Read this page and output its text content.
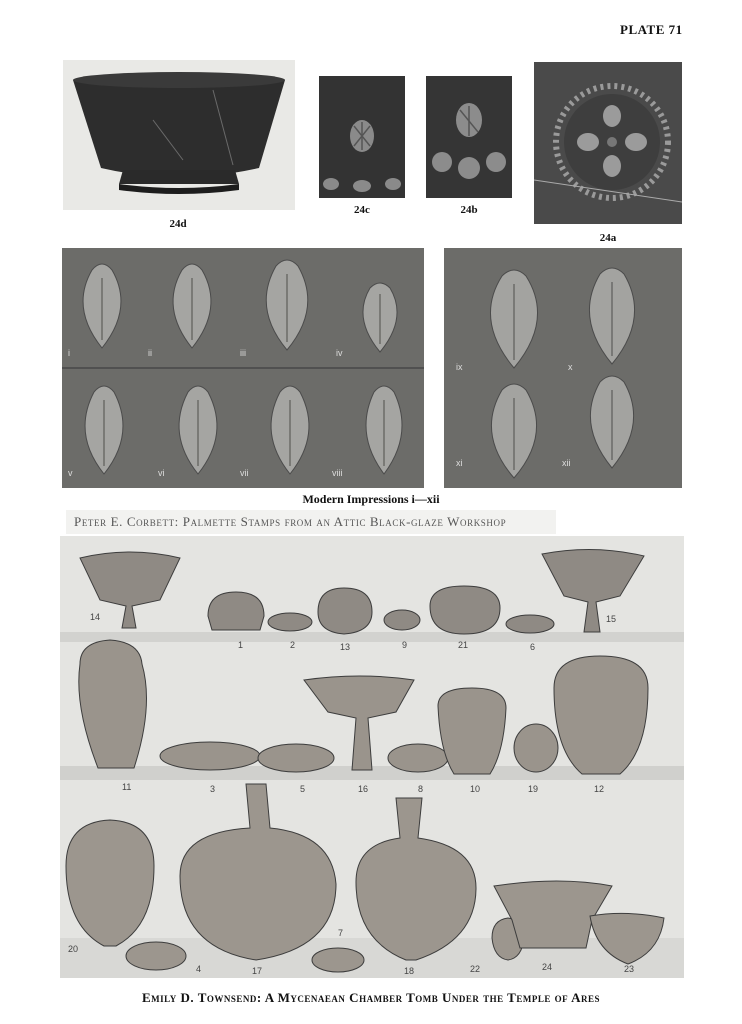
PLATE 71
24d
24c	24b
24a
i	ii	iii	iv
v	vi	vii	viii
ix	x
xi	xii
Modern Impressions i—xii
Peter E. Corbett: Palmette Stamps from an Attic Black-glaze Workshop
14
1	2	13	9	21	6
15
11	3	5	16	8	10	19	12
20
4	17
7
18	22	24	23
Emily D. Townsend: A Mycenaean Chamber Tomb Under the Temple of Ares
